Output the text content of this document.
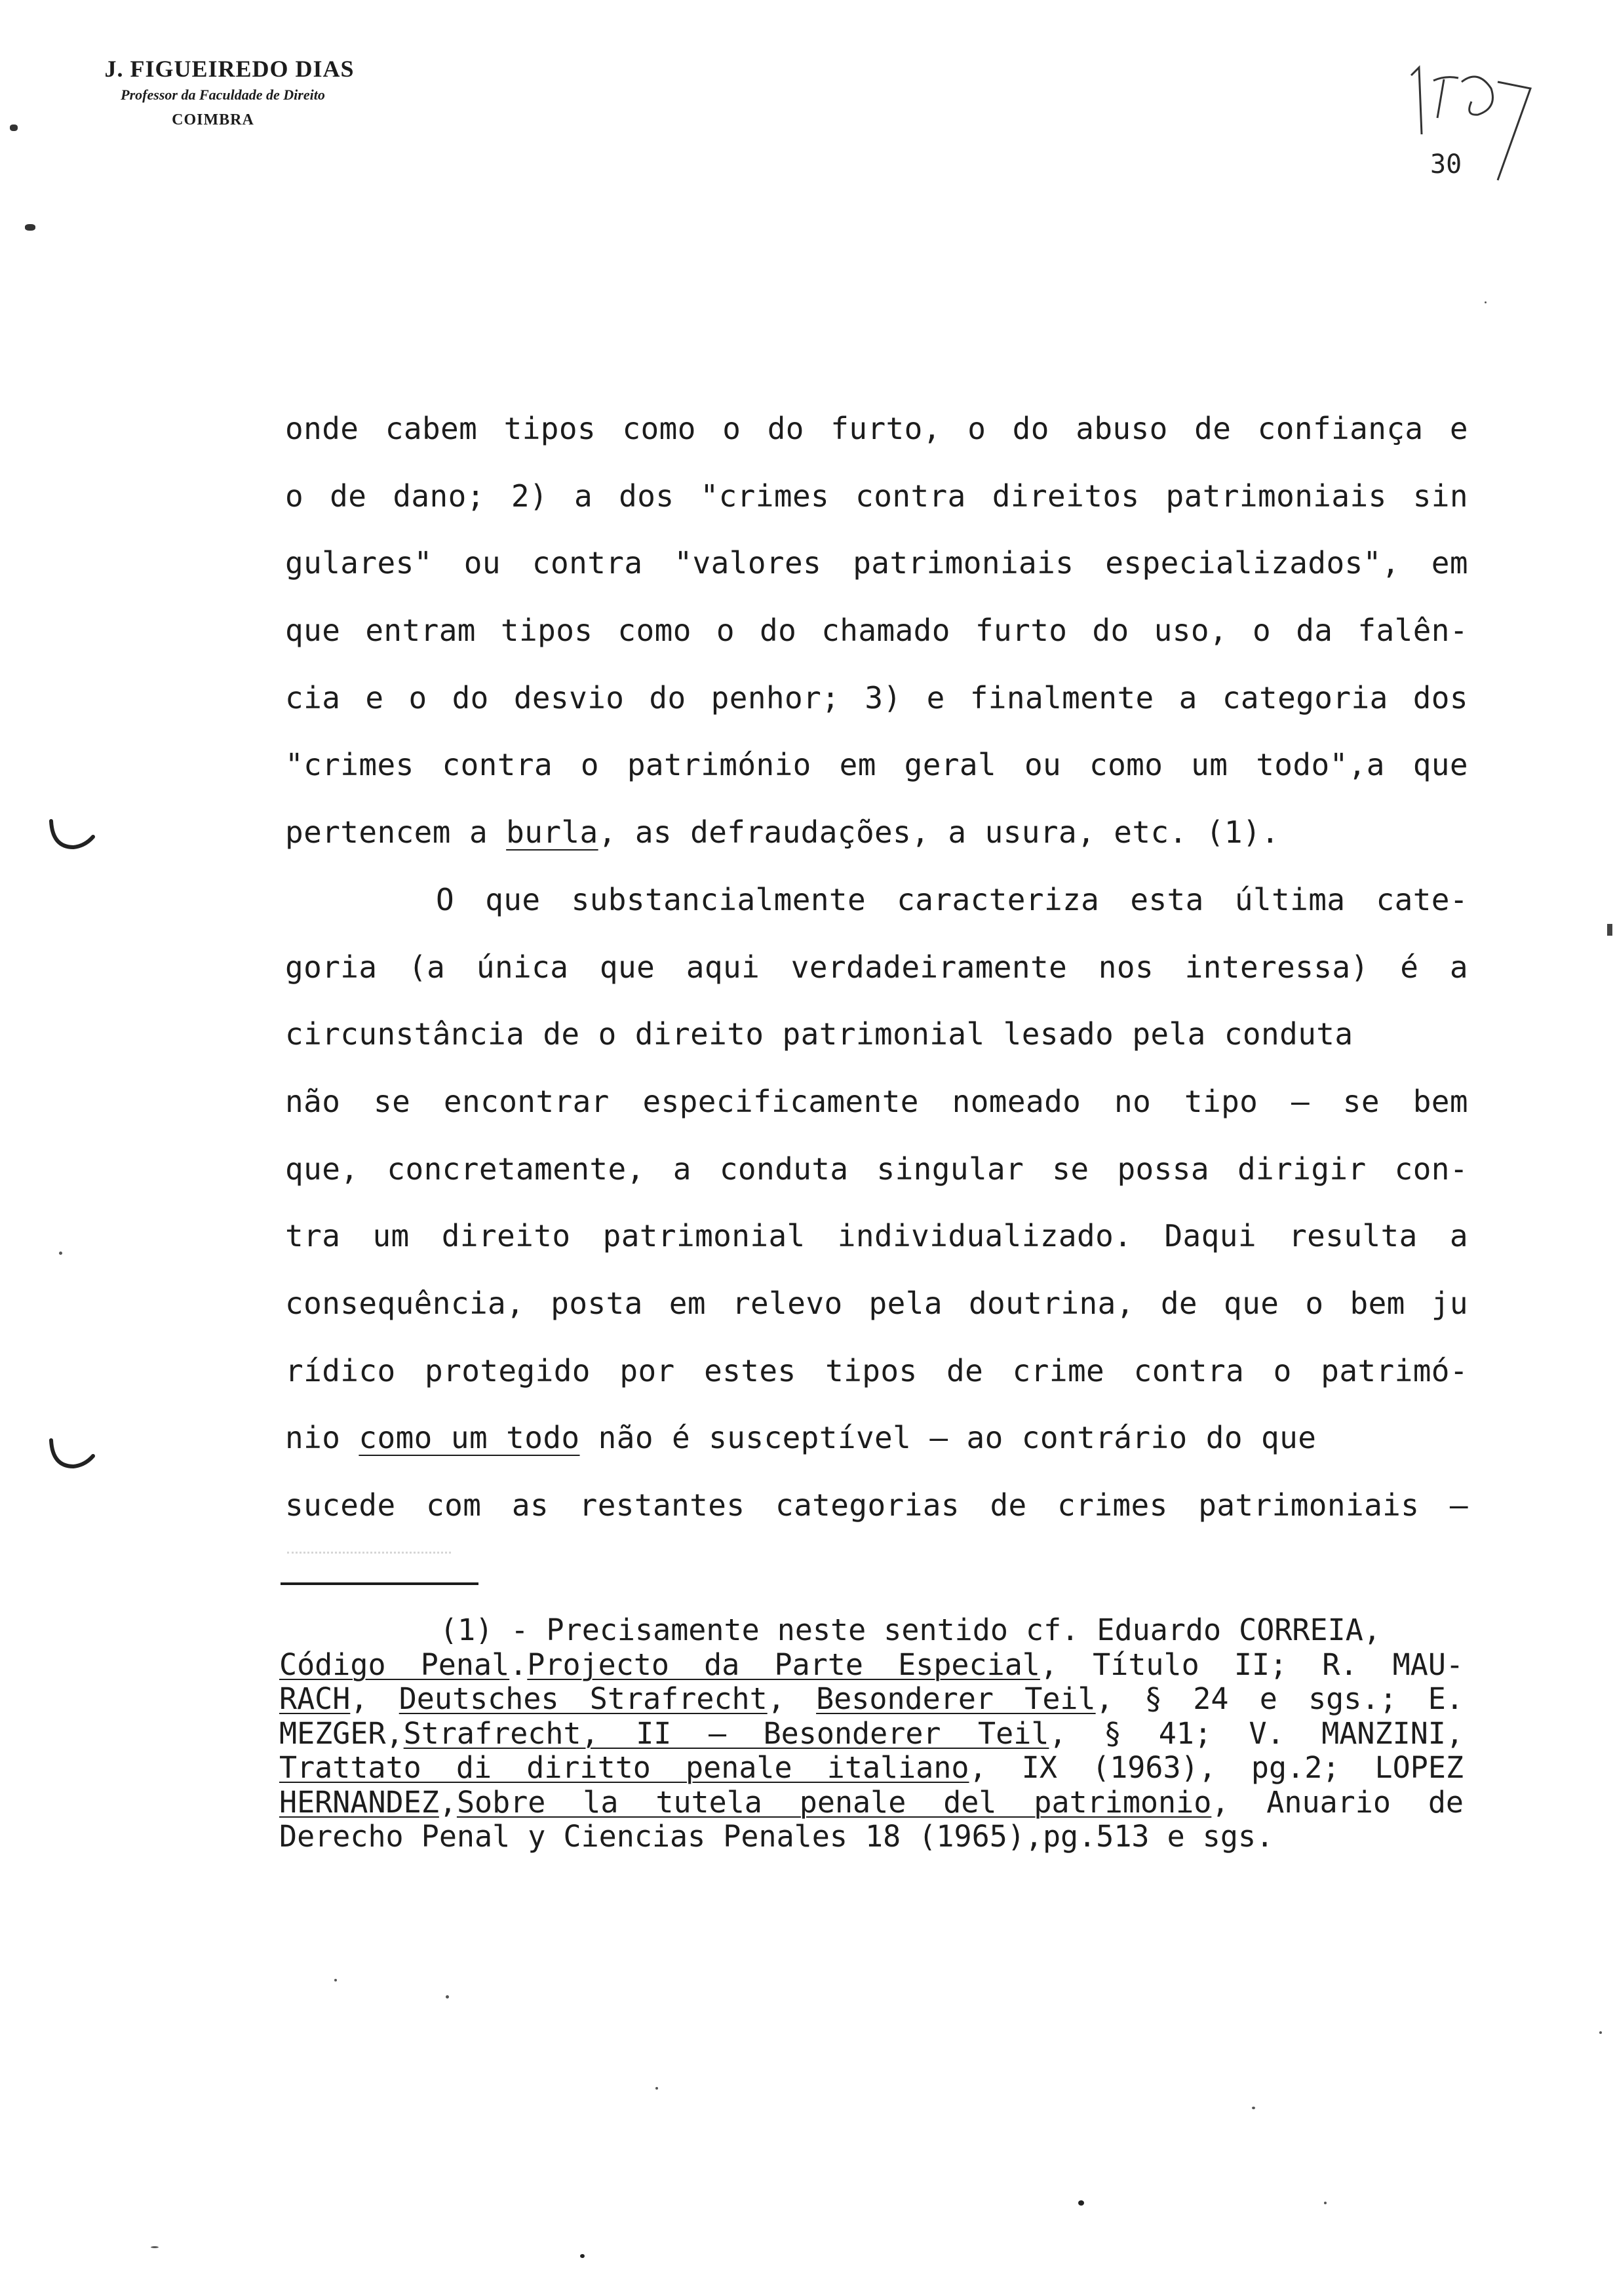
J. FIGUEIREDO DIAS
Professor da Faculdade de Direito
COIMBRA
30
onde cabem tipos como o do furto, o do abuso de confiança e
o de dano; 2) a dos "crimes contra direitos patrimoniais sin
gulares" ou contra "valores patrimoniais especializados", em
que entram tipos como o do chamado furto do uso, o da falên-
cia e o do desvio do penhor; 3) e finalmente a categoria dos
"crimes contra o património em geral ou como um todo",a que
pertencem a burla, as defraudações, a usura, etc. (1).
O que substancialmente caracteriza esta última cate-
goria (a única que aqui verdadeiramente nos interessa) é a
circunstância de o direito patrimonial lesado pela conduta
não se encontrar especificamente nomeado no tipo — se bem
que, concretamente, a conduta singular se possa dirigir con-
tra um direito patrimonial individualizado. Daqui resulta a
consequência, posta em relevo pela doutrina, de que o bem ju
rídico protegido por estes tipos de crime contra o patrimó-
nio como um todo não é susceptível — ao contrário do que
sucede com as restantes categorias de crimes patrimoniais —
(1) - Precisamente neste sentido cf. Eduardo CORREIA,
Código Penal.Projecto da Parte Especial, Título II; R. MAU-
RACH, Deutsches Strafrecht, Besonderer Teil, § 24 e sgs.; E.
MEZGER,Strafrecht, II — Besonderer Teil, § 41; V. MANZINI,
Trattato di diritto penale italiano, IX (1963), pg.2; LOPEZ
HERNANDEZ,Sobre la tutela penale del patrimonio, Anuario de
Derecho Penal y Ciencias Penales 18 (1965),pg.513 e sgs.
